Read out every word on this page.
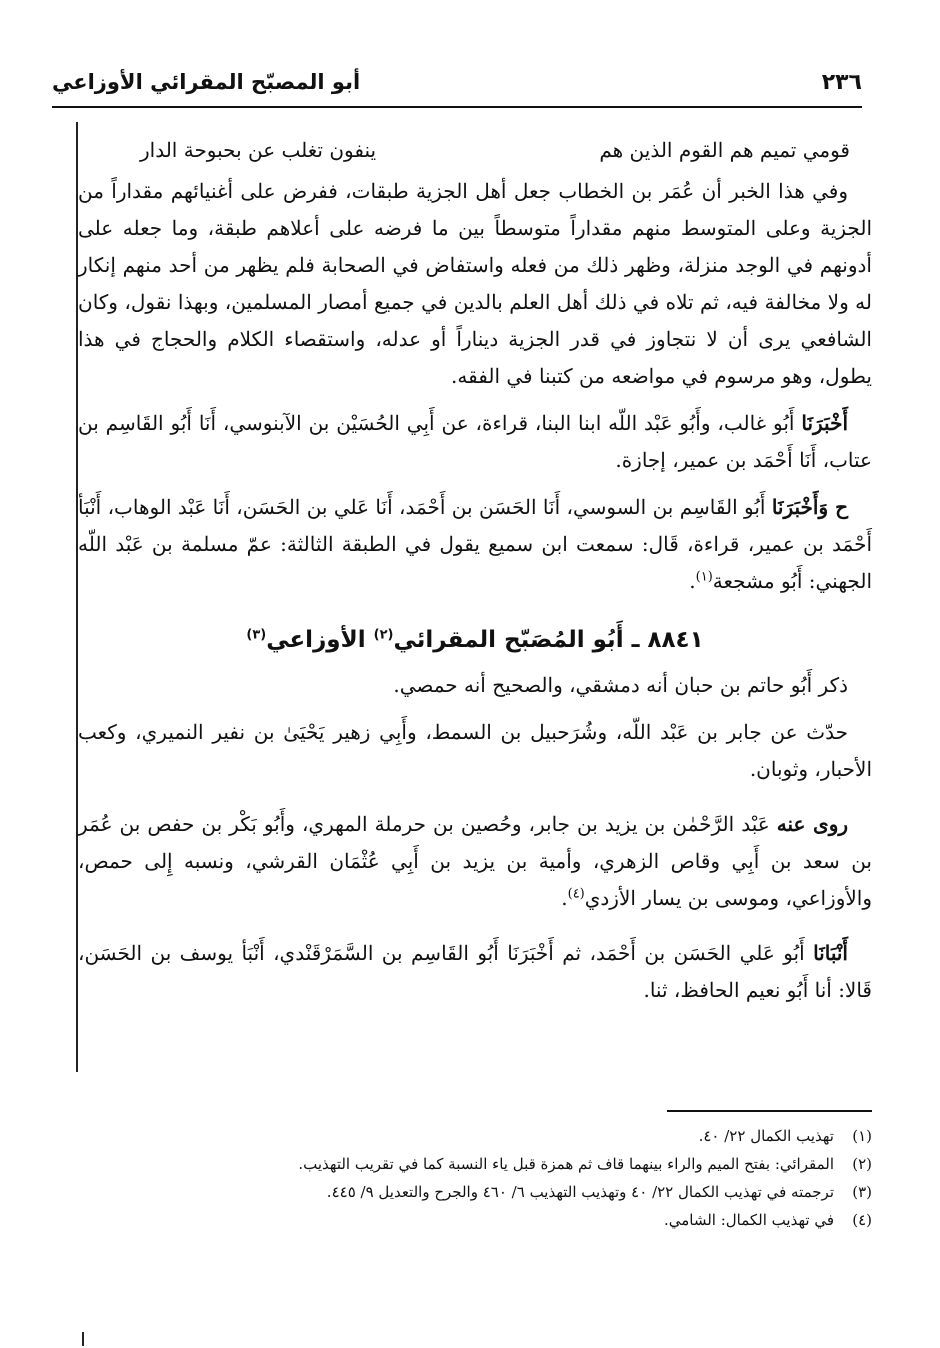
٢٣٦
أبو المصبّح المقرائي الأوزاعي

قومي تميم هم القوم الذين هم
ينفون تغلب عن بحبوحة الدار

وفي هذا الخبر أن عُمَر بن الخطاب جعل أهل الجزية طبقات، ففرض على أغنيائهم مقداراً من الجزية وعلى المتوسط منهم مقداراً متوسطاً بين ما فرضه على أعلاهم طبقة، وما جعله على أدونهم في الوجد منزلة، وظهر ذلك من فعله واستفاض في الصحابة فلم يظهر من أحد منهم إنكار له ولا مخالفة فيه، ثم تلاه في ذلك أهل العلم بالدين في جميع أمصار المسلمين، وبهذا نقول، وكان الشافعي يرى أن لا نتجاوز في قدر الجزية ديناراً أو عدله، واستقصاء الكلام والحجاج في هذا يطول، وهو مرسوم في مواضعه من كتبنا في الفقه.

أَخْبَرَنَا أَبُو غالب، وأَبُو عَبْد اللّه ابنا البنا، قراءة، عن أَبِي الحُسَيْن بن الآبنوسي، أَنَا أَبُو القَاسِم بن عتاب، أَنَا أَحْمَد بن عمير، إجازة.

ح وَأَخْبَرَنَا أَبُو القَاسِم بن السوسي، أَنَا الحَسَن بن أَحْمَد، أَنَا عَلي بن الحَسَن، أَنَا عَبْد الوهاب، أَنْبَأ أَحْمَد بن عمير، قراءة، قَال: سمعت ابن سميع يقول في الطبقة الثالثة: عمّ مسلمة بن عَبْد اللّه الجهني: أَبُو مشجعة$^{(١)}$.

٨٨٤١ ـ أَبُو المُصَبّح المقرائي$^{(٢)}$ الأوزاعي$^{(٣)}$

ذكر أَبُو حاتم بن حبان أنه دمشقي، والصحيح أنه حمصي.

حدّث عن جابر بن عَبْد اللّه، وشُرَحبيل بن السمط، وأَبِي زهير يَحْيَىٰ بن نفير النميري، وكعب الأحبار، وثوبان.

روى عنه عَبْد الرَّحْمٰن بن يزيد بن جابر، وحُصين بن حرملة المهري، وأَبُو بَكْر بن حفص بن عُمَر بن سعد بن أَبِي وقاص الزهري، وأمية بن يزيد بن أَبِي عُثْمَان القرشي، ونسبه إِلى حمص، والأوزاعي، وموسى بن يسار الأزدي$^{(٤)}$.

أَنْبَانَا أَبُو عَلي الحَسَن بن أَحْمَد، ثم أَخْبَرَنَا أَبُو القَاسِم بن السَّمَرْقَنْدي، أَنْبَأ يوسف بن الحَسَن، قَالا: أنا أَبُو نعيم الحافظ، ثنا.

(١)تهذيب الكمال ٢٢/ ٤٠.

(٢)المقرائي: بفتح الميم والراء بينهما قاف ثم همزة قبل ياء النسبة كما في تقريب التهذيب.

(٣)ترجمته في تهذيب الكمال ٢٢/ ٤٠ وتهذيب التهذيب ٦/ ٤٦٠ والجرح والتعديل ٩/ ٤٤٥.

(٤)في تهذيب الكمال: الشامي.
